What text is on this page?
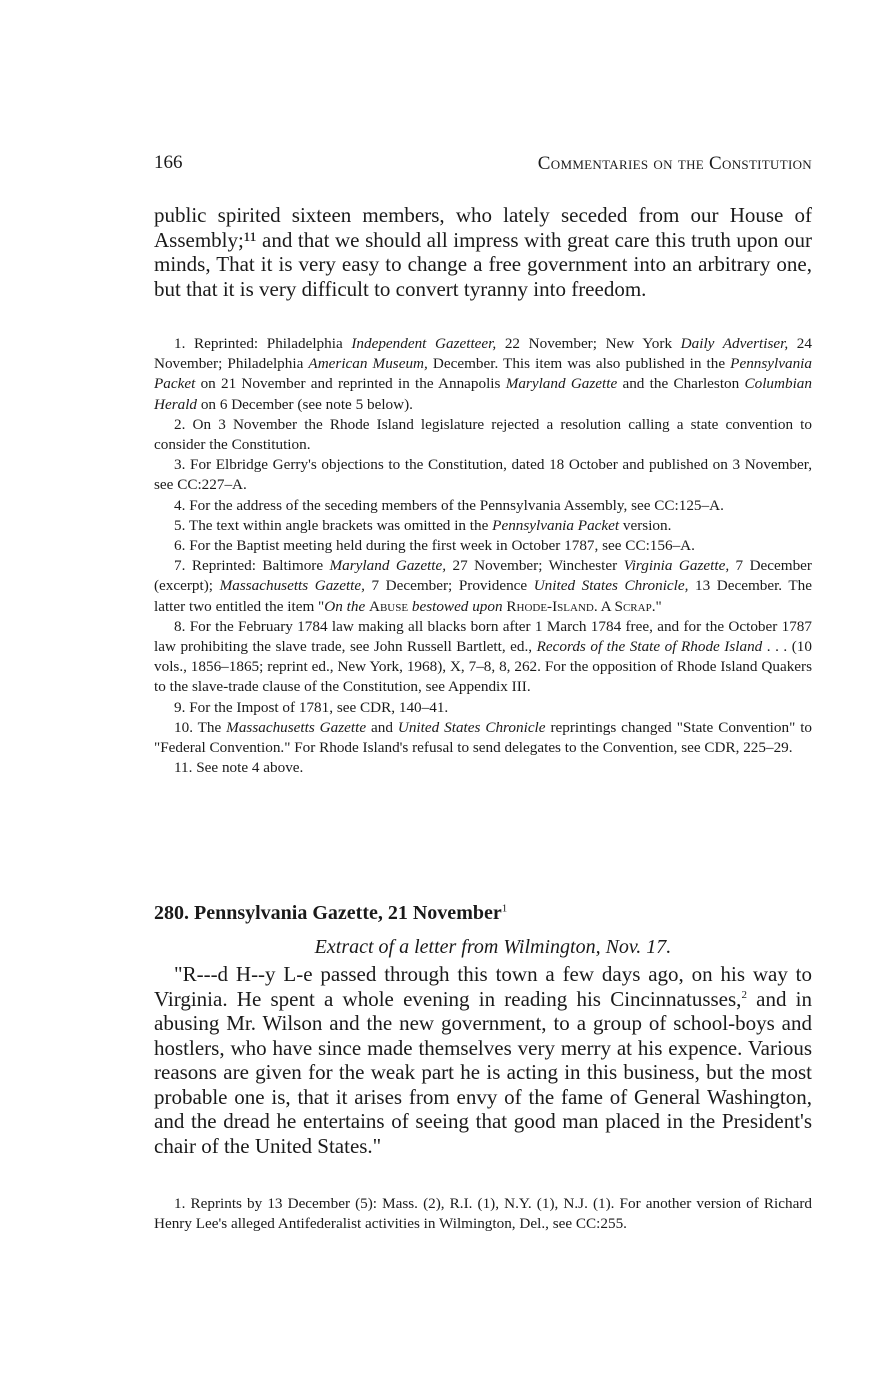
166	Commentaries on the Constitution

public spirited sixteen members, who lately seceded from our House of Assembly;¹¹ and that we should all impress with great care this truth upon our minds, That it is very easy to change a free government into an arbitrary one, but that it is very difficult to convert tyranny into freedom.

1. Reprinted: Philadelphia Independent Gazetteer, 22 November; New York Daily Advertiser, 24 November; Philadelphia American Museum, December. This item was also published in the Pennsylvania Packet on 21 November and reprinted in the Annapolis Maryland Gazette and the Charleston Columbian Herald on 6 December (see note 5 below).
2. On 3 November the Rhode Island legislature rejected a resolution calling a state convention to consider the Constitution.
3. For Elbridge Gerry's objections to the Constitution, dated 18 October and published on 3 November, see CC:227–A.
4. For the address of the seceding members of the Pennsylvania Assembly, see CC:125–A.
5. The text within angle brackets was omitted in the Pennsylvania Packet version.
6. For the Baptist meeting held during the first week in October 1787, see CC:156–A.
7. Reprinted: Baltimore Maryland Gazette, 27 November; Winchester Virginia Gazette, 7 December (excerpt); Massachusetts Gazette, 7 December; Providence United States Chronicle, 13 December. The latter two entitled the item "On the Abuse bestowed upon Rhode-Island. A Scrap."
8. For the February 1784 law making all blacks born after 1 March 1784 free, and for the October 1787 law prohibiting the slave trade, see John Russell Bartlett, ed., Records of the State of Rhode Island . . . (10 vols., 1856–1865; reprint ed., New York, 1968), X, 7–8, 8, 262. For the opposition of Rhode Island Quakers to the slave-trade clause of the Constitution, see Appendix III.
9. For the Impost of 1781, see CDR, 140–41.
10. The Massachusetts Gazette and United States Chronicle reprintings changed "State Convention" to "Federal Convention." For Rhode Island's refusal to send delegates to the Convention, see CDR, 225–29.
11. See note 4 above.
280. Pennsylvania Gazette, 21 November$^1$

Extract of a letter from Wilmington, Nov. 17.

"R---d H--y L-e passed through this town a few days ago, on his way to Virginia. He spent a whole evening in reading his Cincinnatusses,$^2$ and in abusing Mr. Wilson and the new government, to a group of school-boys and hostlers, who have since made themselves very merry at his expence. Various reasons are given for the weak part he is acting in this business, but the most probable one is, that it arises from envy of the fame of General Washington, and the dread he entertains of seeing that good man placed in the President's chair of the United States."

1. Reprints by 13 December (5): Mass. (2), R.I. (1), N.Y. (1), N.J. (1). For another version of Richard Henry Lee's alleged Antifederalist activities in Wilmington, Del., see CC:255.
